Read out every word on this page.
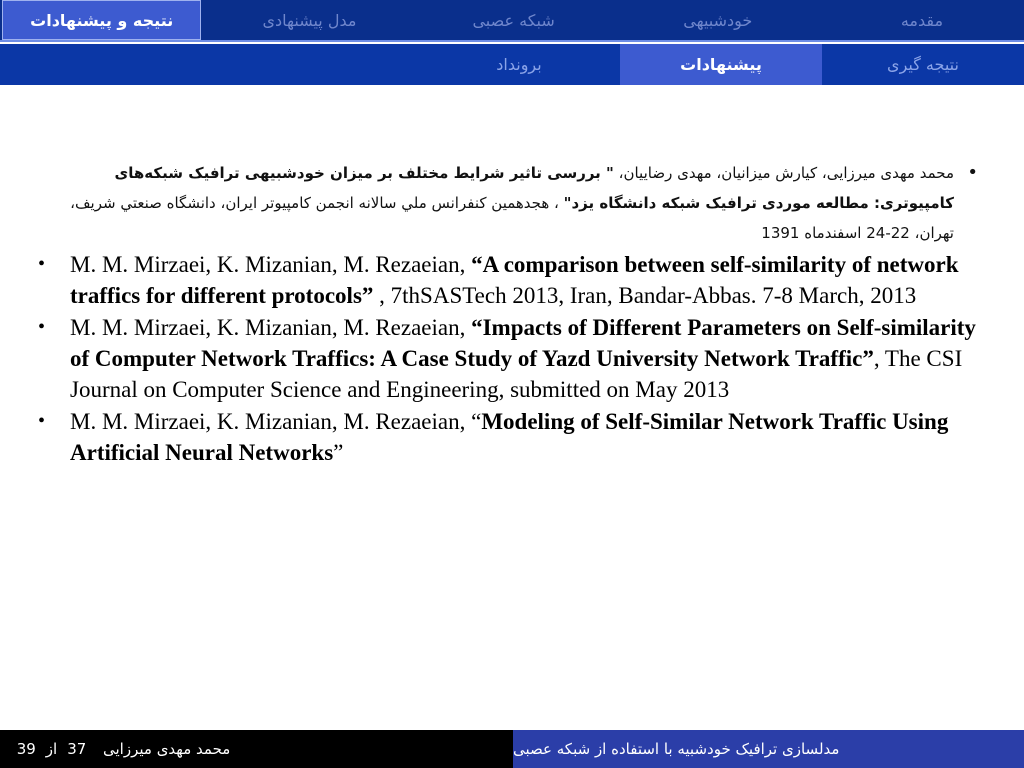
مقدمه
خودشبیهی
شبکه عصبی
مدل پیشنهادی
نتیجه و پیشنهادات
نتیجه گیری
پیشنهادات
برونداد
•
محمد مهدی میرزایی، کیارش میزانیان، مهدی رضاییان، " بررسی تاثیر شرایط مختلف بر میزان خودشبیهی ترافیک شبکه‌های کامپیوتری: مطالعه موردی ترافیک شبکه دانشگاه یزد" ، هجدهمین کنفرانس ملي سالانه انجمن کامپیوتر ایران، دانشگاه صنعتي شریف، تهران، 22-24 اسفندماه 1391
• M. M. Mirzaei, K. Mizanian, M. Rezaeian, “A comparison between self-similarity of network traffics for different protocols” , 7thSASTech 2013, Iran, Bandar-Abbas. 7-8 March, 2013
• M. M. Mirzaei, K. Mizanian, M. Rezaeian, “Impacts of Different Parameters on Self-similarity of Computer Network Traffics: A Case Study of Yazd University Network Traffic”, The CSI Journal on Computer Science and Engineering, submitted on May 2013
• M. M. Mirzaei, K. Mizanian, M. Rezaeian, “Modeling of Self-Similar Network Traffic Using Artificial Neural Networks”
37
از
39	محمد مهدی میرزایی	مدلسازی ترافیک خودشبیه با استفاده از شبکه عصبی
